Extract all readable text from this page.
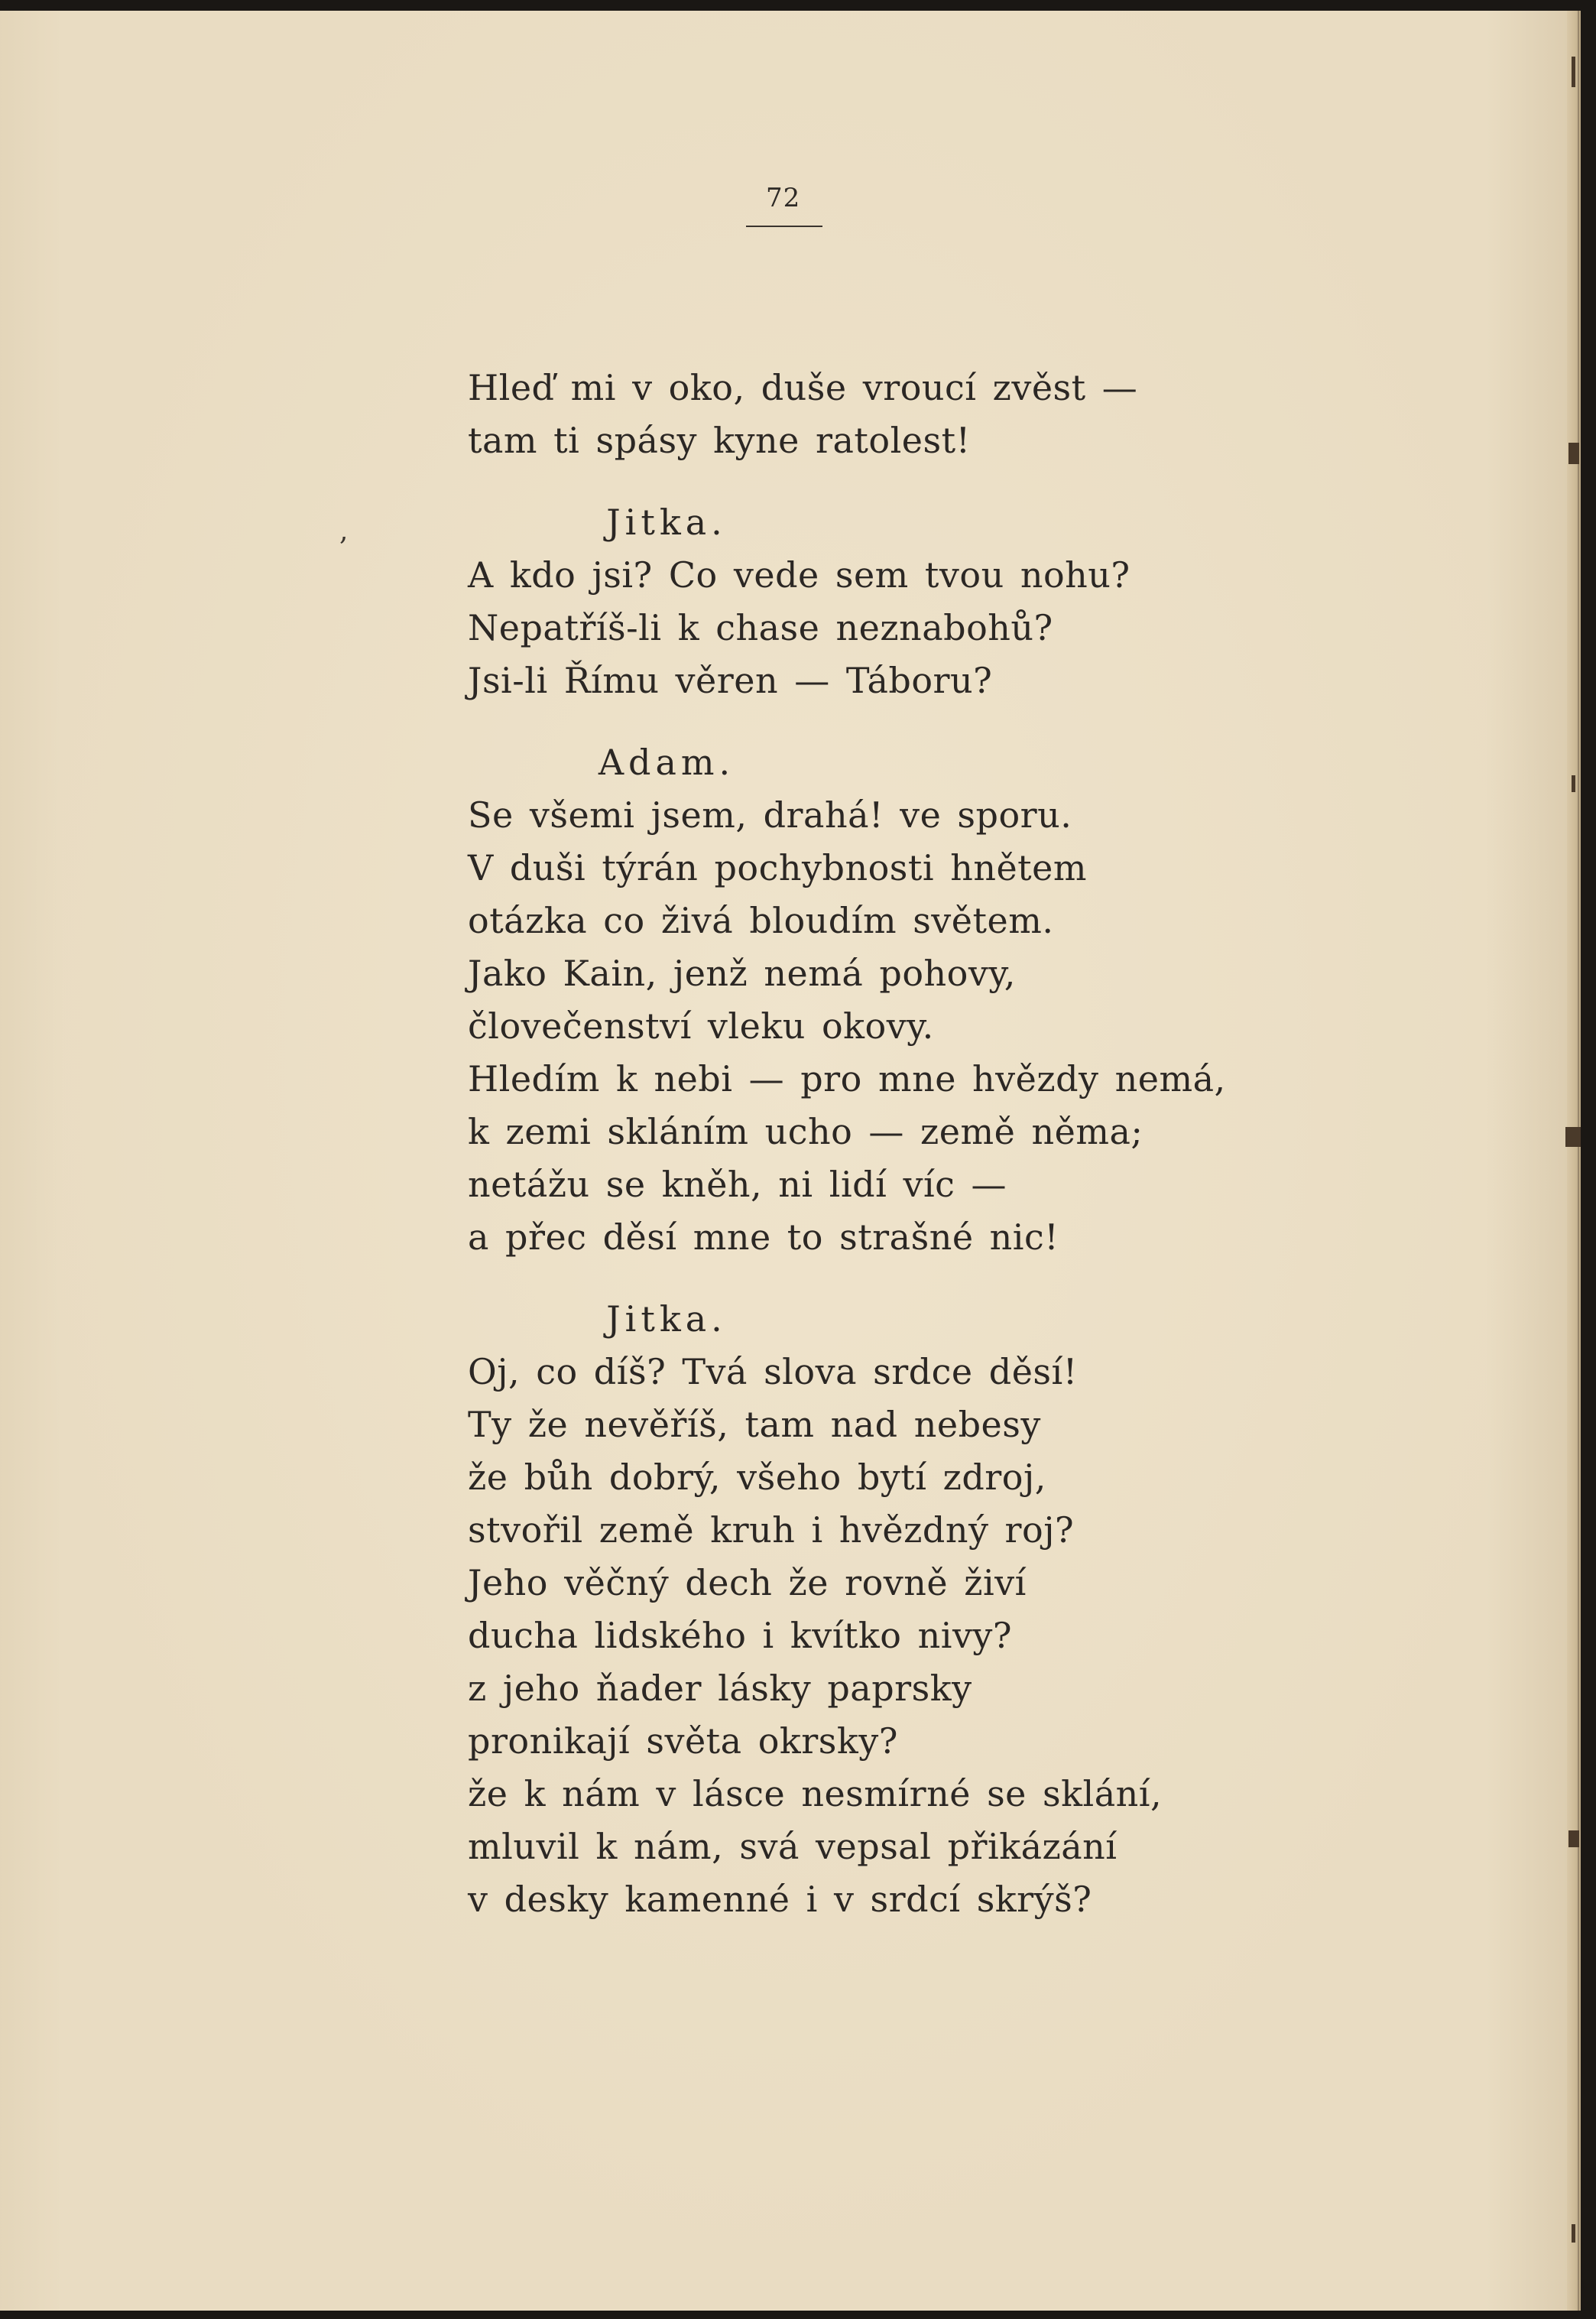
72
,
Hleď mi v oko, duše vroucí zvěst —
tam ti spásy kyne ratolest!
Jitka.
A kdo jsi? Co vede sem tvou nohu?
Nepatříš-li k chase neznabohů?
Jsi-li Římu věren — Táboru?
Adam.
Se všemi jsem, drahá! ve sporu.
V duši týrán pochybnosti hnětem
otázka co živá bloudím světem.
Jako Kain, jenž nemá pohovy,
človečenství vleku okovy.
Hledím k nebi — pro mne hvězdy nemá,
k zemi skláním ucho — země něma;
netážu se kněh, ni lidí víc —
a přec děsí mne to strašné nic!
Jitka.
Oj, co díš? Tvá slova srdce děsí!
Ty že nevěříš, tam nad nebesy
že bůh dobrý, všeho bytí zdroj,
stvořil země kruh i hvězdný roj?
Jeho věčný dech že rovně živí
ducha lidského i kvítko nivy?
z jeho ňader lásky paprsky
pronikají světa okrsky?
že k nám v lásce nesmírné se sklání,
mluvil k nám, svá vepsal přikázání
v desky kamenné i v srdcí skrýš?
